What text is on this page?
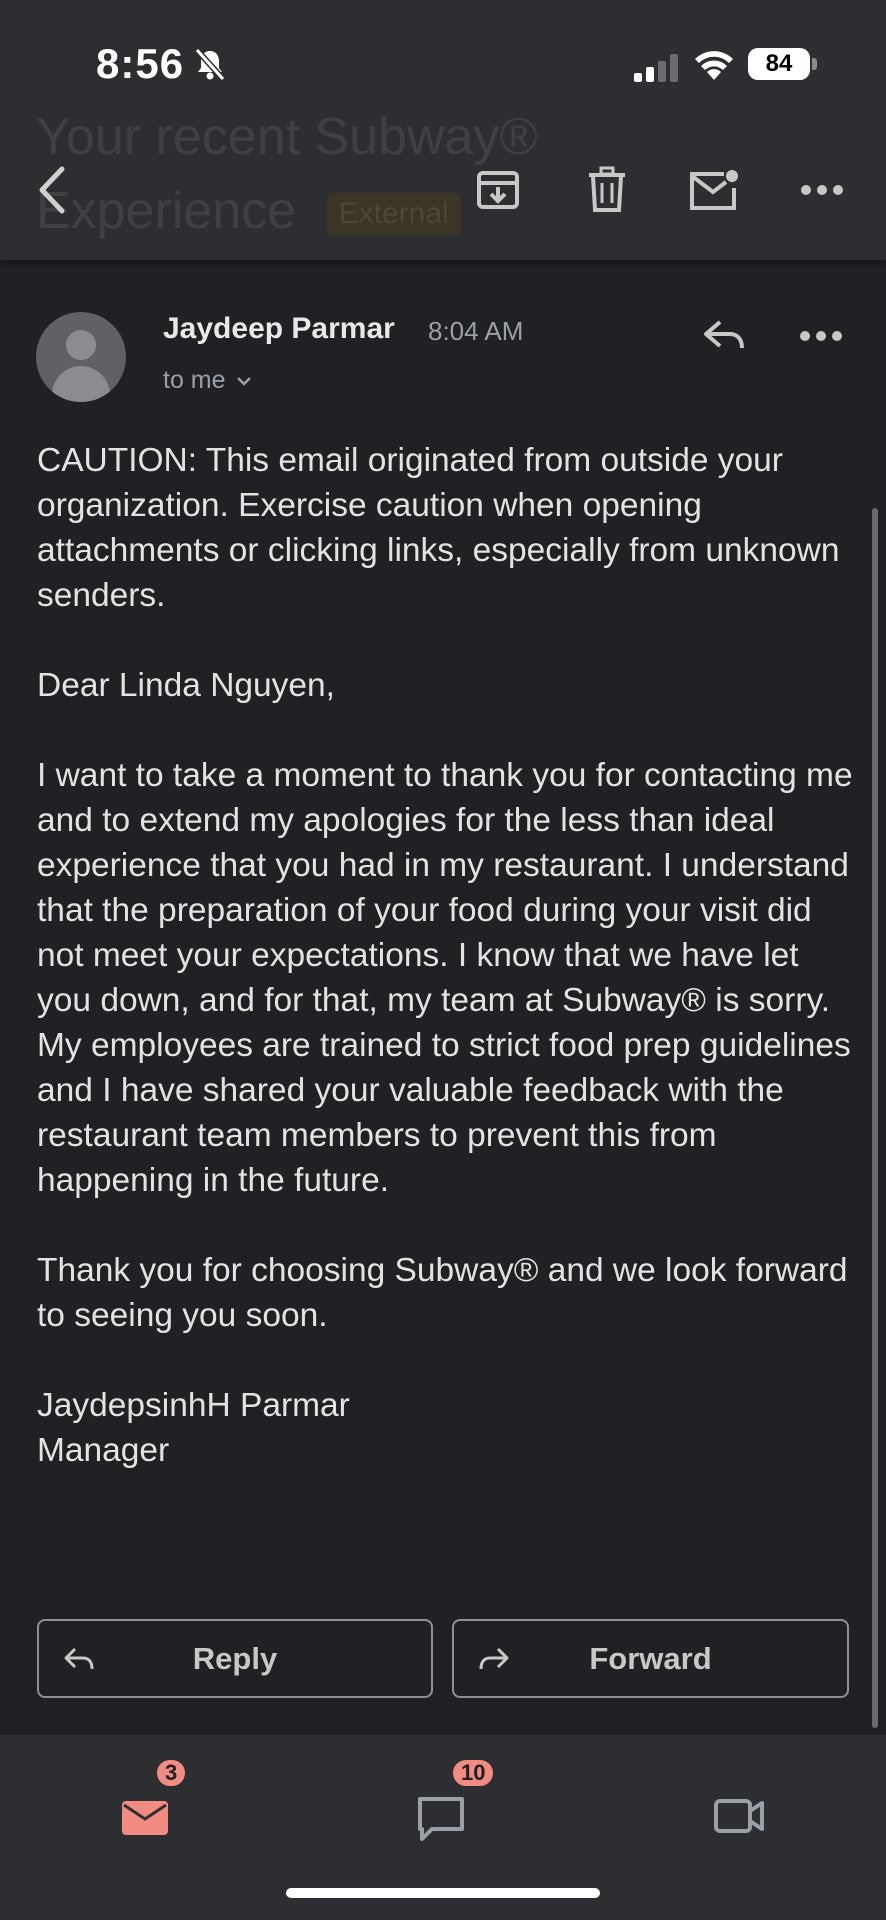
Your recent Subway®
Experience External
8:56	84
Jaydeep Parmar 8:04 AM
to me

CAUTION: This email originated from outside your organization. Exercise caution when opening attachments or clicking links, especially from unknown senders.

Dear Linda Nguyen,

I want to take a moment to thank you for contacting me and to extend my apologies for the less than ideal experience that you had in my restaurant. I understand that the preparation of your food during your visit did not meet your expectations. I know that we have let you down, and for that, my team at Subway® is sorry. My employees are trained to strict food prep guidelines and I have shared your valuable feedback with the restaurant team members to prevent this from happening in the future.

Thank you for choosing Subway® and we look forward to seeing you soon.

JaydepsinhH Parmar

Manager

Reply	Forward
3	10
